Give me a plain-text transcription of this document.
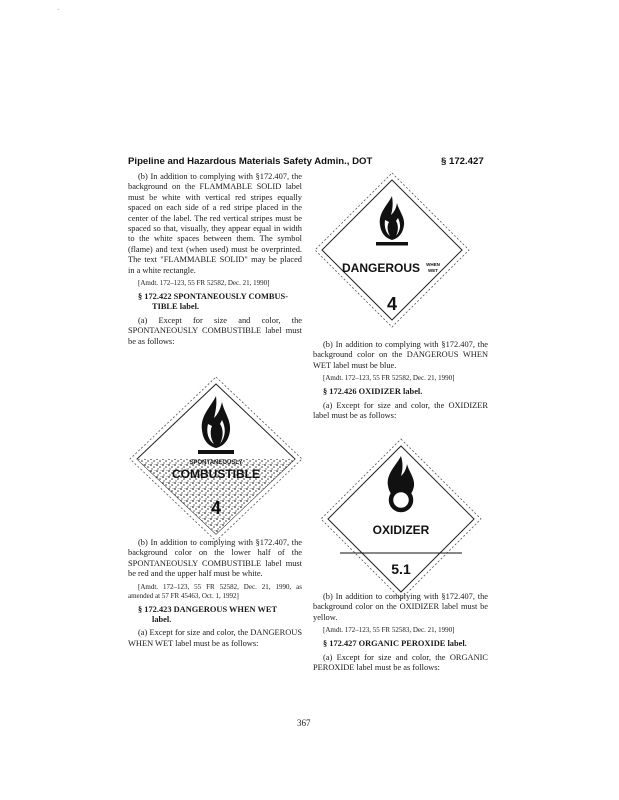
.
Pipeline and Hazardous Materials Safety Admin., DOT	§ 172.427

(b) In addition to complying with §172.407, the background on the FLAMMABLE SOLID label must be white with vertical red stripes equally spaced on each side of a red stripe placed in the center of the label. The red vertical stripes must be spaced so that, visually, they appear equal in width to the white spaces between them. The symbol (flame) and text (when used) must be overprinted. The text "FLAMMABLE SOLID" may be placed in a white rectangle.

[Amdt. 172–123, 55 FR 52582, Dec. 21, 1990]

§ 172.422 SPONTANEOUSLY COMBUS-
TIBLE label.

(a) Except for size and color, the SPONTANEOUSLY COMBUSTIBLE label must be as follows:

SPONTANEOUSLY
COMBUSTIBLE
4

(b) In addition to complying with §172.407, the background color on the lower half of the SPONTANEOUSLY COMBUSTIBLE label must be red and the upper half must be white.

[Amdt. 172–123, 55 FR 52582, Dec. 21, 1990, as amended at 57 FR 45463, Oct. 1, 1992]

§ 172.423 DANGEROUS WHEN WET
label.

(a) Except for size and color, the DANGEROUS WHEN WET label must be as follows:

DANGEROUS WHEN
WET
4

(b) In addition to complying with §172.407, the background color on the DANGEROUS WHEN WET label must be blue.

[Amdt. 172–123, 55 FR 52582, Dec. 21, 1990]

§ 172.426 OXIDIZER label.

(a) Except for size and color, the OXIDIZER label must be as follows:

OXIDIZER
5.1

(b) In addition to complying with §172.407, the background color on the OXIDIZER label must be yellow.

[Amdt. 172–123, 55 FR 52583, Dec. 21, 1990]

§ 172.427 ORGANIC PEROXIDE label.

(a) Except for size and color, the ORGANIC PEROXIDE label must be as follows:

367
